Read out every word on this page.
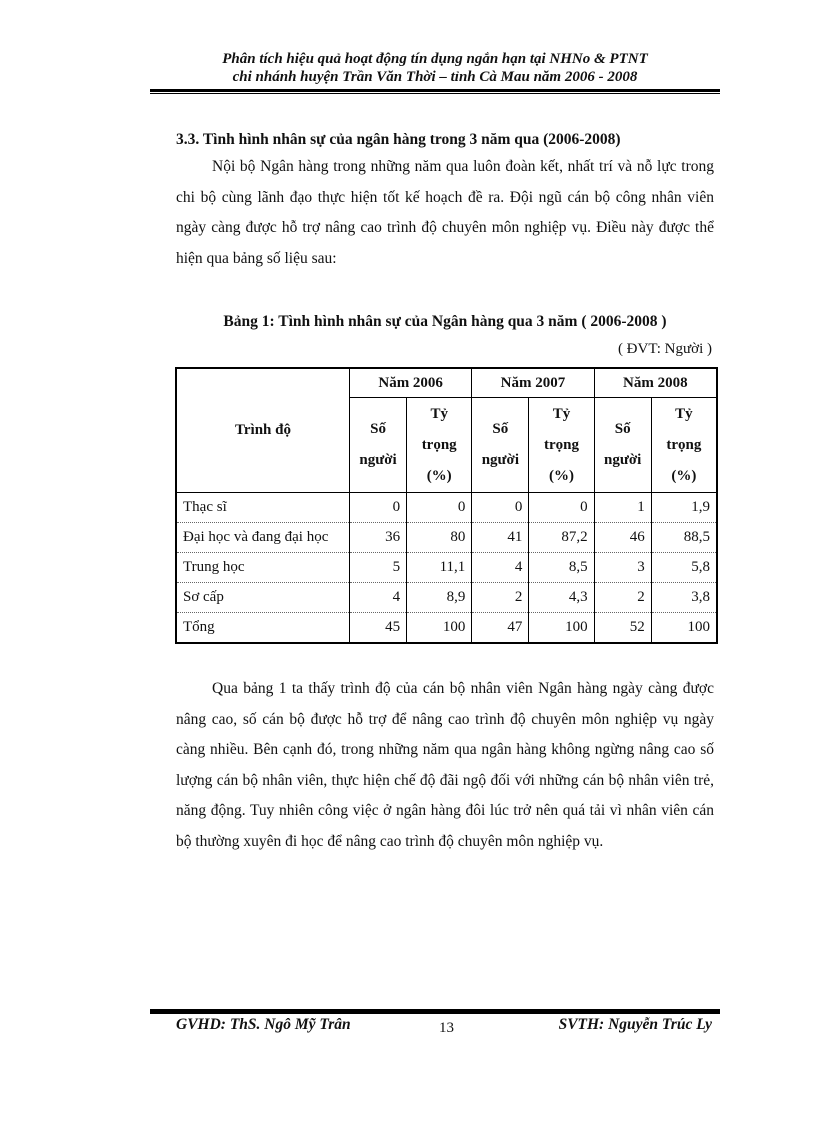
Phân tích hiệu quả hoạt động tín dụng ngắn hạn tại NHNo & PTNT
chi nhánh huyện Trần Văn Thời – tỉnh Cà Mau năm 2006 - 2008
3.3. Tình hình nhân sự của ngân hàng trong 3 năm qua (2006-2008)

Nội bộ Ngân hàng trong những năm qua luôn đoàn kết, nhất trí và nỗ lực trong chi bộ cùng lãnh đạo thực hiện tốt kế hoạch đề ra. Đội ngũ cán bộ công nhân viên ngày càng được hỗ trợ nâng cao trình độ chuyên môn nghiệp vụ. Điều này được thể hiện qua bảng số liệu sau:

Bảng 1: Tình hình nhân sự của Ngân hàng qua 3 năm ( 2006-2008 )
( ĐVT: Người )
Trình độ	Năm 2006		Năm 2007		Năm 2008	
	Số người	Tỷ trọng (%)	Số người	Tỷ trọng (%)	Số người	Tỷ trọng (%)
Thạc sĩ	0	0	0	0	1	1,9
Đại học và đang đại học	36	80	41	87,2	46	88,5
Trung học	5	11,1	4	8,5	3	5,8
Sơ cấp	4	8,9	2	4,3	2	3,8
Tổng	45	100	47	100	52	100

Qua bảng 1 ta thấy trình độ của cán bộ nhân viên Ngân hàng ngày càng được nâng cao, số cán bộ được hỗ trợ để nâng cao trình độ chuyên môn nghiệp vụ ngày càng nhiều. Bên cạnh đó, trong những năm qua ngân hàng không ngừng nâng cao số lượng cán bộ nhân viên, thực hiện chế độ đãi ngộ đối với những cán bộ nhân viên trẻ, năng động. Tuy nhiên công việc ở ngân hàng đôi lúc trở nên quá tải vì nhân viên cán bộ thường xuyên đi học để nâng cao trình độ chuyên môn nghiệp vụ.

GVHD: ThS. Ngô Mỹ Trân	13	SVTH: Nguyễn Trúc Ly
